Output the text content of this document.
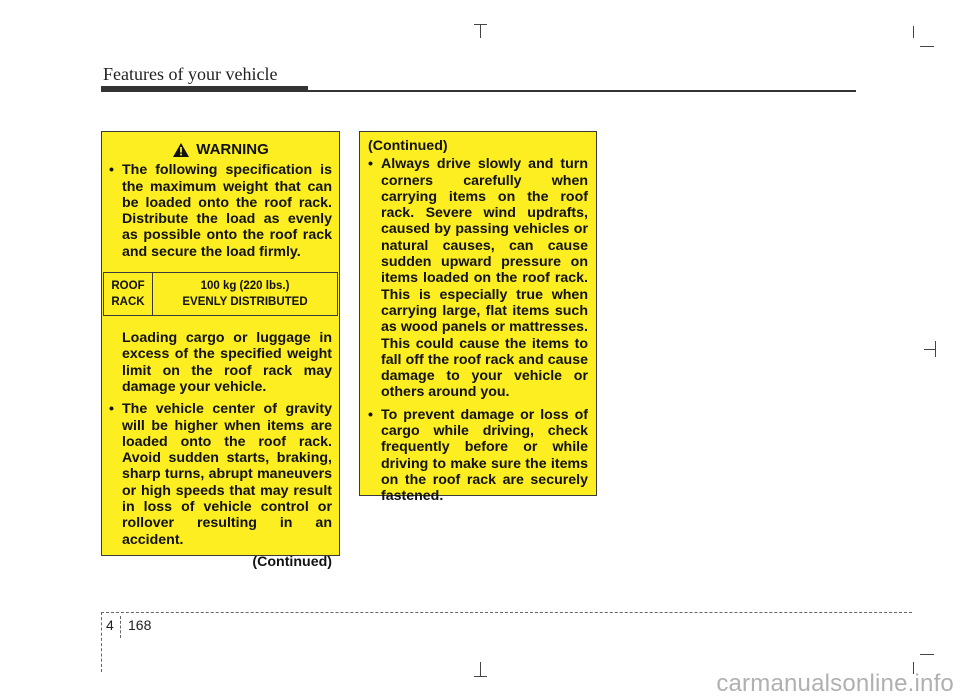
Features of your vehicle
WARNING
• The following specification is the maximum weight that can be loaded onto the roof rack. Distribute the load as evenly as possible onto the roof rack and secure the load firmly.
ROOF RACK
100 kg (220 lbs.)
EVENLY DISTRIBUTED
Loading cargo or luggage in excess of the specified weight limit on the roof rack may damage your vehicle.
• The vehicle center of gravity will be higher when items are loaded onto the roof rack. Avoid sudden starts, braking, sharp turns, abrupt maneuvers or high speeds that may result in loss of vehicle control or rollover resulting in an accident.
(Continued)
(Continued)
• Always drive slowly and turn corners carefully when carrying items on the roof rack. Severe wind updrafts, caused by passing vehicles or natural causes, can cause sudden upward pressure on items loaded on the roof rack. This is especially true when carrying large, flat items such as wood panels or mattresses. This could cause the items to fall off the roof rack and cause damage to your vehicle or others around you.
• To prevent damage or loss of cargo while driving, check frequently before or while driving to make sure the items on the roof rack are securely fastened.
4 168
carmanualsonline.info
